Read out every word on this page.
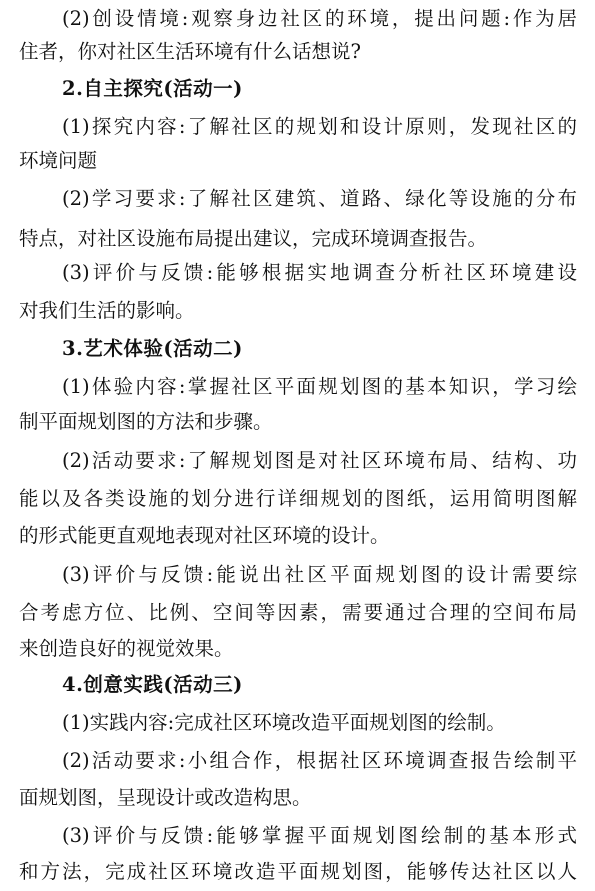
(2)创设情境:观察身边社区的环境，提出问题:作为居
住者，你对社区生活环境有什么话想说?
2.自主探究(活动一)
(1)探究内容:了解社区的规划和设计原则，发现社区的
环境问题
(2)学习要求:了解社区建筑、道路、绿化等设施的分布
特点，对社区设施布局提出建议，完成环境调查报告。
(3)评价与反馈:能够根据实地调查分析社区环境建设
对我们生活的影响。
3.艺术体验(活动二)
(1)体验内容:掌握社区平面规划图的基本知识，学习绘
制平面规划图的方法和步骤。
(2)活动要求:了解规划图是对社区环境布局、结构、功
能以及各类设施的划分进行详细规划的图纸，运用简明图解
的形式能更直观地表现对社区环境的设计。
(3)评价与反馈:能说出社区平面规划图的设计需要综
合考虑方位、比例、空间等因素，需要通过合理的空间布局
来创造良好的视觉效果。
4.创意实践(活动三)
(1)实践内容:完成社区环境改造平面规划图的绘制。
(2)活动要求:小组合作，根据社区环境调查报告绘制平
面规划图，呈现设计或改造构思。
(3)评价与反馈:能够掌握平面规划图绘制的基本形式
和方法，完成社区环境改造平面规划图，能够传达社区以人
